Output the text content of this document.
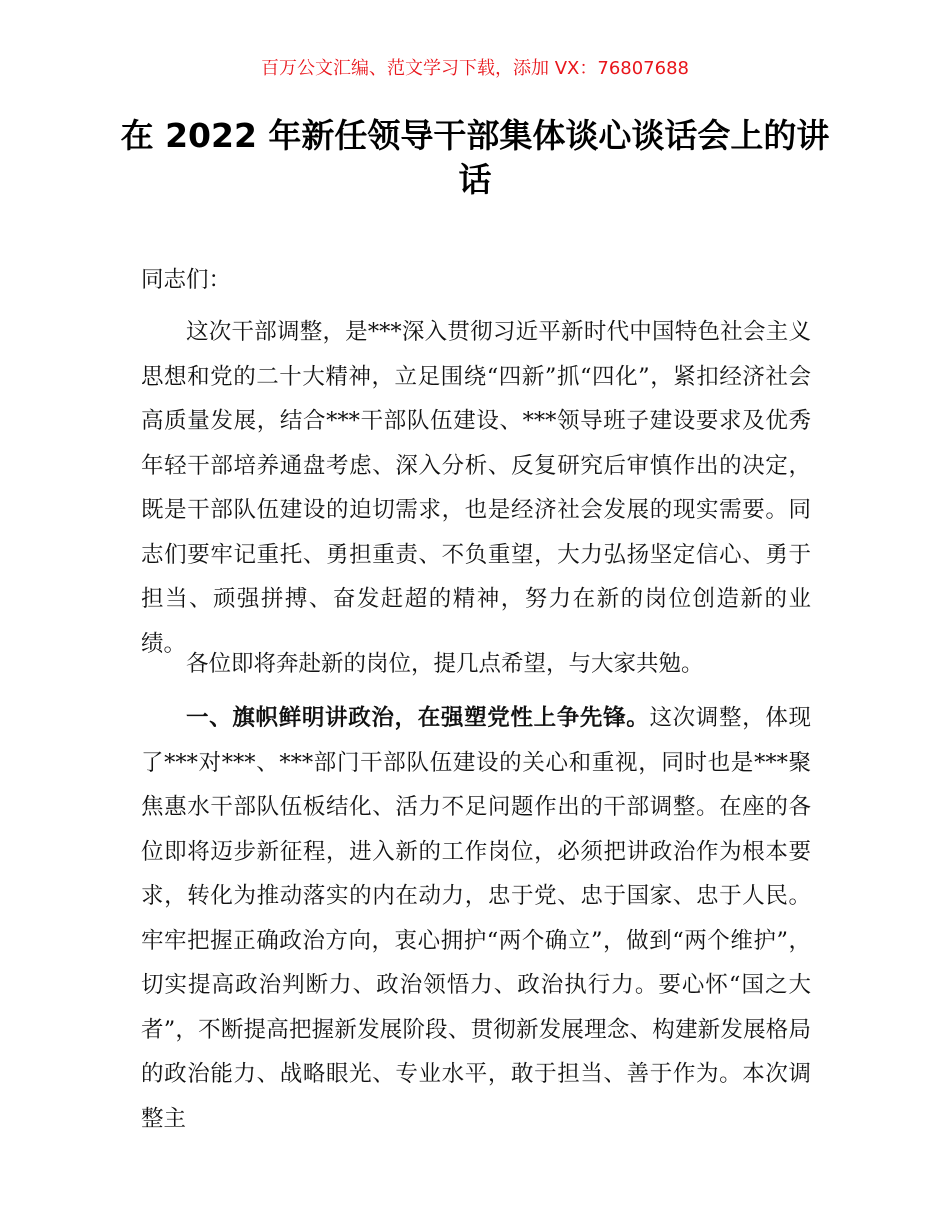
百万公文汇编、范文学习下载，添加 VX：76807688
在 2022 年新任领导干部集体谈心谈话会上的讲话

同志们：

这次干部调整，是***深入贯彻习近平新时代中国特色社会主义思想和党的二十大精神，立足围绕“四新”抓“四化”，紧扣经济社会高质量发展，结合***干部队伍建设、***领导班子建设要求及优秀年轻干部培养通盘考虑、深入分析、反复研究后审慎作出的决定，既是干部队伍建设的迫切需求，也是经济社会发展的现实需要。同志们要牢记重托、勇担重责、不负重望，大力弘扬坚定信心、勇于担当、顽强拼搏、奋发赶超的精神，努力在新的岗位创造新的业绩。

各位即将奔赴新的岗位，提几点希望，与大家共勉。

一、旗帜鲜明讲政治，在强塑党性上争先锋。这次调整，体现了***对***、***部门干部队伍建设的关心和重视，同时也是***聚焦惠水干部队伍板结化、活力不足问题作出的干部调整。在座的各位即将迈步新征程，进入新的工作岗位，必须把讲政治作为根本要求，转化为推动落实的内在动力，忠于党、忠于国家、忠于人民。牢牢把握正确政治方向，衷心拥护“两个确立”，做到“两个维护”，切实提高政治判断力、政治领悟力、政治执行力。要心怀“国之大者”，不断提高把握新发展阶段、贯彻新发展理念、构建新发展格局的政治能力、战略眼光、专业水平，敢于担当、善于作为。本次调整主
